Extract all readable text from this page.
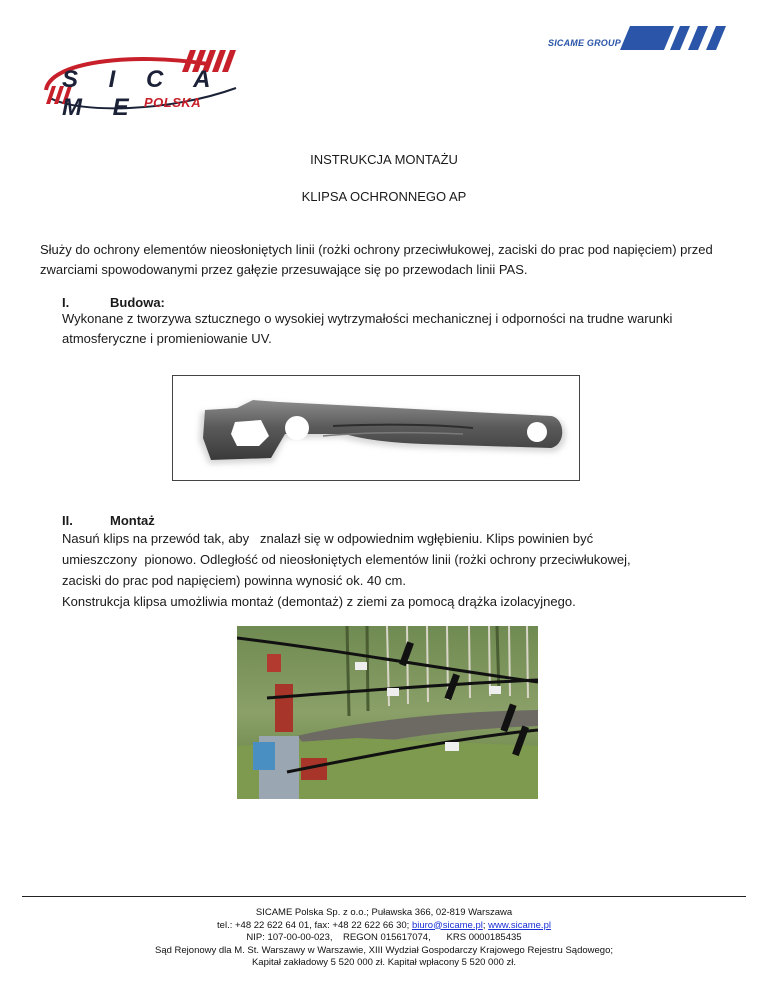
SICAME GROUP
S I C A M E POLSKA
INSTRUKCJA MONTAŻU
KLIPSA OCHRONNEGO AP
Służy do ochrony elementów nieosłoniętych linii (rożki ochrony przeciwłukowej, zaciski do prac pod napięciem) przed zwarciami spowodowanymi przez gałęzie przesuwające się po przewodach linii PAS.
I.	Budowa:
Wykonane z tworzywa sztucznego o wysokiej wytrzymałości mechanicznej i odporności na trudne warunki atmosferyczne i promieniowanie UV.
II.	Montaż
Nasuń klips na przewód tak, aby   znalazł się w odpowiednim wgłębieniu. Klips powinien być
umieszczony  pionowo. Odległość od nieosłoniętych elementów linii (rożki ochrony przeciwłukowej,
zaciski do prac pod napięciem) powinna wynosić ok. 40 cm.
Konstrukcja klipsa umożliwia montaż (demontaż) z ziemi za pomocą drążka izolacyjnego.
SICAME Polska Sp. z o.o.; Puławska 366, 02-819 Warszawa
tel.: +48 22 622 64 01, fax: +48 22 622 66 30; biuro@sicame.pl; www.sicame.pl
NIP: 107-00-00-023,    REGON 015617074,      KRS 0000185435
Sąd Rejonowy dla M. St. Warszawy w Warszawie, XIII Wydział Gospodarczy Krajowego Rejestru Sądowego;
Kapitał zakładowy 5 520 000 zł. Kapitał wpłacony 5 520 000 zł.
